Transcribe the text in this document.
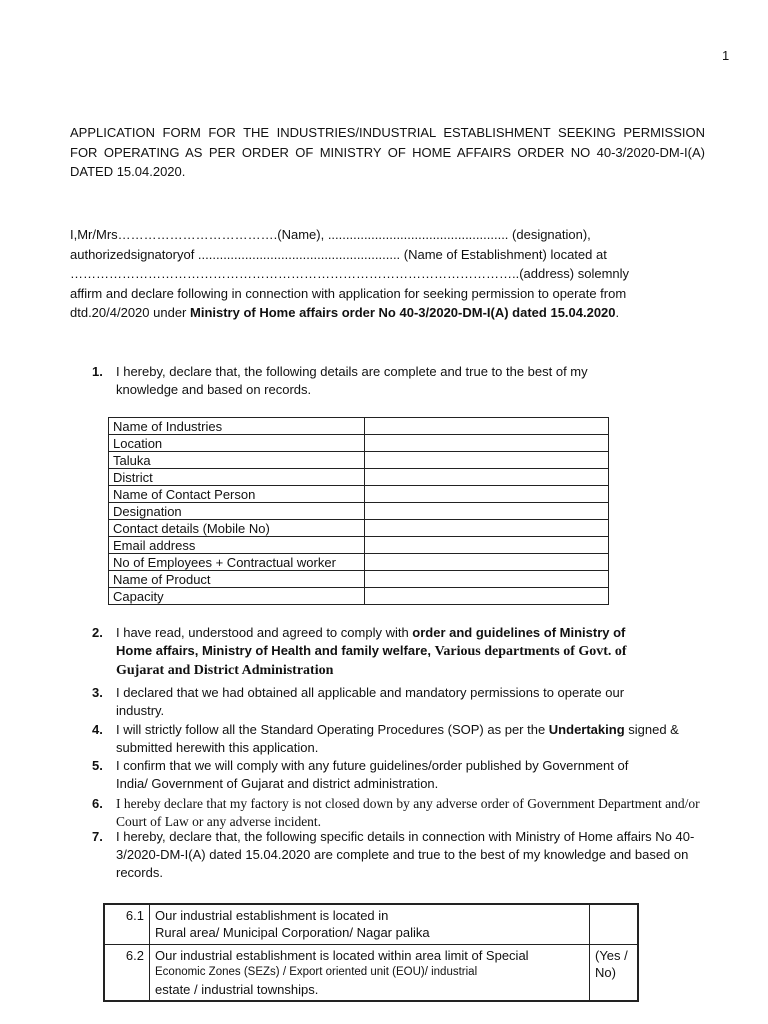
1
APPLICATION FORM FOR THE INDUSTRIES/INDUSTRIAL ESTABLISHMENT SEEKING PERMISSION FOR OPERATING AS PER ORDER OF MINISTRY OF HOME AFFAIRS ORDER NO 40-3/2020-DM-I(A) DATED 15.04.2020.
I,Mr/Mrs……………………………….(Name), .................................................. (designation),
authorizedsignatoryof ........................................................ (Name of Establishment) located at
…………………………………………………………………………………………..(address) solemnly
affirm and declare following in connection with application for seeking permission to operate from
dtd.20/4/2020 under Ministry of Home affairs order No 40-3/2020-DM-I(A) dated 15.04.2020.
1. I hereby, declare that, the following details are complete and true to the best of my knowledge and based on records.
Name of Industries	
Location	
Taluka	
District	
Name of Contact Person	
Designation	
Contact details (Mobile No)	
Email address	
No of Employees + Contractual worker	
Name of Product	
Capacity	
2. I have read, understood and agreed to comply with order and guidelines of Ministry of Home affairs, Ministry of Health and family welfare, Various departments of Govt. of Gujarat and District Administration
3. I declared that we had obtained all applicable and mandatory permissions to operate our industry.
4. I will strictly follow all the Standard Operating Procedures (SOP) as per the Undertaking signed & submitted herewith this application.
5. I confirm that we will comply with any future guidelines/order published by Government of India/ Government of Gujarat and district administration.
6. I hereby declare that my factory is not closed down by any adverse order of Government Department and/or Court of Law or any adverse incident.
7. I hereby, declare that, the following specific details in connection with Ministry of Home affairs No 40-3/2020-DM-I(A) dated 15.04.2020 are complete and true to the best of my knowledge and based on records.
6.1	Our industrial establishment is located in
Rural area/ Municipal Corporation/ Nagar palika	

6.2	Our industrial establishment is located within area limit of Special
Economic Zones (SEZs) / Export oriented unit (EOU)/ industrial
estate / industrial townships.	(Yes / No)
